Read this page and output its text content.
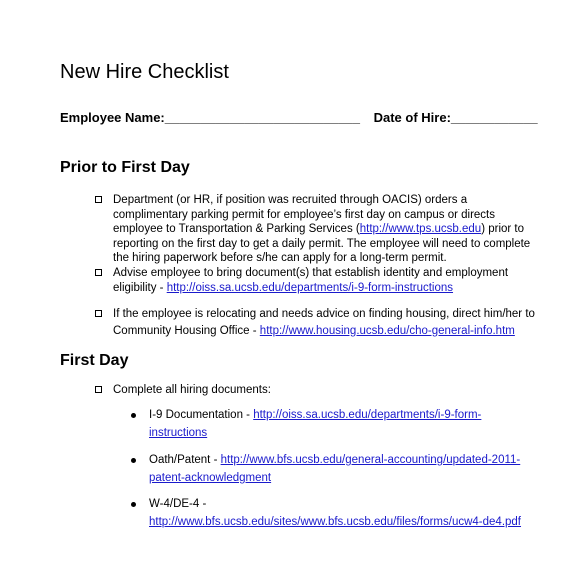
New Hire Checklist
Employee Name:___________________________ Date of Hire:____________
Prior to First Day
Department (or HR, if position was recruited through OACIS) orders a
complimentary parking permit for employee’s first day on campus or directs
employee to Transportation & Parking Services (http://www.tps.ucsb.edu) prior to
reporting on the first day to get a daily permit. The employee will need to complete
the hiring paperwork before s/he can apply for a long-term permit.
Advise employee to bring document(s) that establish identity and employment
eligibility - http://oiss.sa.ucsb.edu/departments/i-9-form-instructions
If the employee is relocating and needs advice on finding housing, direct him/her to
Community Housing Office - http://www.housing.ucsb.edu/cho-general-info.htm
First Day
Complete all hiring documents:
I-9 Documentation - http://oiss.sa.ucsb.edu/departments/i-9-form-
instructions
Oath/Patent - http://www.bfs.ucsb.edu/general-accounting/updated-2011-
patent-acknowledgment
W-4/DE-4 -
http://www.bfs.ucsb.edu/sites/www.bfs.ucsb.edu/files/forms/ucw4-de4.pdf
